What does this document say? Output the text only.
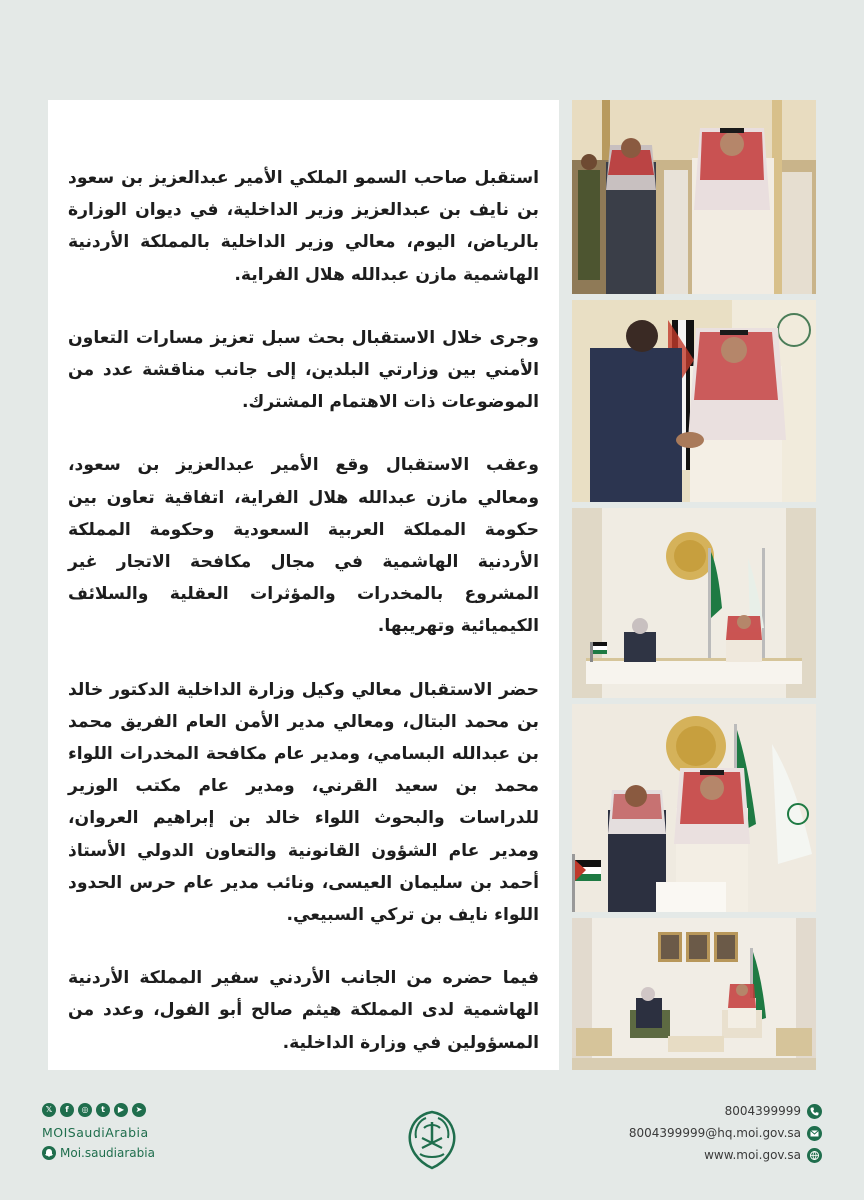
استقبل صاحب السمو الملكي الأمير عبدالعزيز بن سعود بن نايف بن عبدالعزيز وزير الداخلية، في ديوان الوزارة بالرياض، اليوم، معالي وزير الداخلية بالمملكة الأردنية الهاشمية مازن عبدالله هلال الفراية.

وجرى خلال الاستقبال بحث سبل تعزيز مسارات التعاون الأمني بين وزارتي البلدين، إلى جانب مناقشة عدد من الموضوعات ذات الاهتمام المشترك.

وعقب الاستقبال وقع الأمير عبدالعزيز بن سعود، ومعالي مازن عبدالله هلال الفراية، اتفاقية تعاون بين حكومة المملكة العربية السعودية وحكومة المملكة الأردنية الهاشمية في مجال مكافحة الاتجار غير المشروع بالمخدرات والمؤثرات العقلية والسلائف الكيميائية وتهريبها.

حضر الاستقبال معالي وكيل وزارة الداخلية الدكتور خالد بن محمد البتال، ومعالي مدير الأمن العام الفريق محمد بن عبدالله البسامي، ومدير عام مكافحة المخدرات اللواء محمد بن سعيد القرني، ومدير عام مكتب الوزير للدراسات والبحوث اللواء خالد بن إبراهيم العروان، ومدير عام الشؤون القانونية والتعاون الدولي الأستاذ أحمد بن سليمان العيسى، ونائب مدير عام حرس الحدود اللواء نايف بن تركي السبيعي.

فيما حضره من الجانب الأردني سفير المملكة الأردنية الهاشمية لدى المملكة هيثم صالح أبو الفول، وعدد من المسؤولين في وزارة الداخلية.

𝕏	f	◎	t	▶	➤
MOISaudiArabia
Moi.saudiarabia
8004399999
8004399999@hq.moi.gov.sa
www.moi.gov.sa
